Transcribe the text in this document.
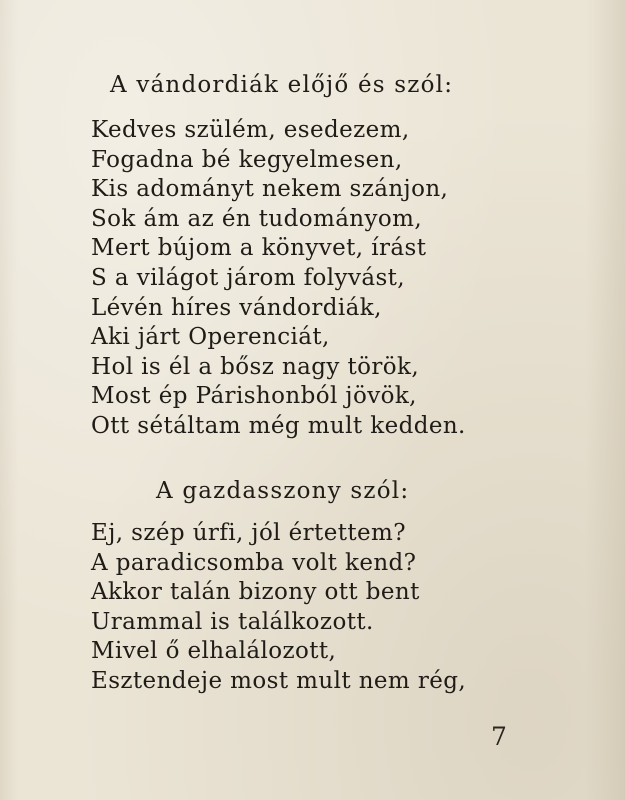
A vándordiák előjő és szól:
Kedves szülém, esedezem,
Fogadna bé kegyelmesen,
Kis adományt nekem szánjon,
Sok ám az én tudományom,
Mert bújom a könyvet, írást
S a világot járom folyvást,
Lévén híres vándordiák,
Aki járt Operenciát,
Hol is él a bősz nagy török,
Most ép Párishonból jövök,
Ott sétáltam még mult kedden.
A gazdasszony szól:
Ej, szép úrfi, jól értettem?
A paradicsomba volt kend?
Akkor talán bizony ott bent
Urammal is találkozott.
Mivel ő elhalálozott,
Esztendeje most mult nem rég,
7
